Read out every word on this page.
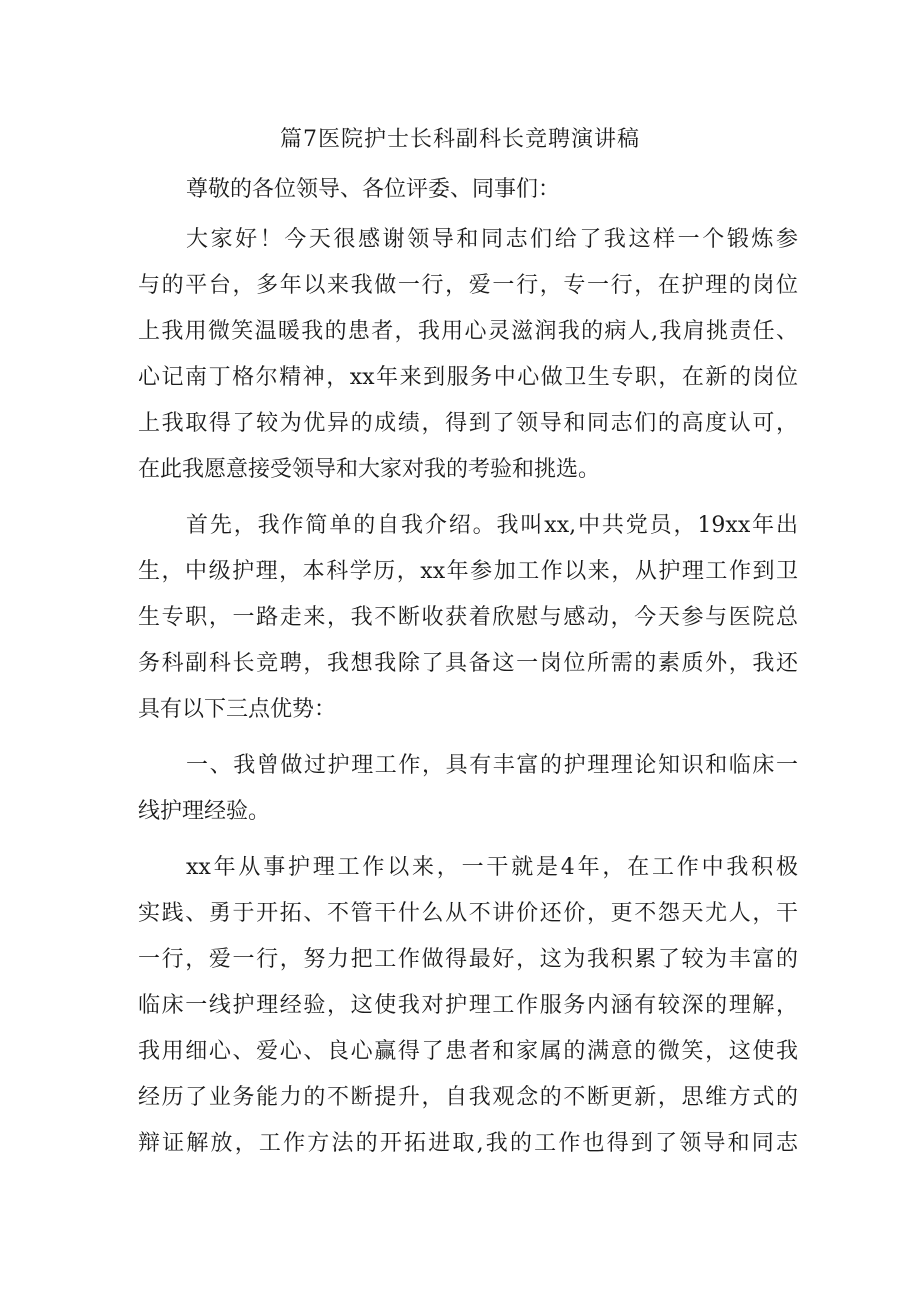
篇7医院护士长科副科长竞聘演讲稿
尊敬的各位领导、各位评委、同事们：
大家好！今天很感谢领导和同志们给了我这样一个锻炼参
与的平台，多年以来我做一行，爱一行，专一行，在护理的岗位
上我用微笑温暖我的患者，我用心灵滋润我的病人,我肩挑责任、
心记南丁格尔精神，xx年来到服务中心做卫生专职，在新的岗位
上我取得了较为优异的成绩，得到了领导和同志们的高度认可，
在此我愿意接受领导和大家对我的考验和挑选。
首先，我作简单的自我介绍。我叫xx,中共党员，19xx年出
生，中级护理，本科学历，xx年参加工作以来，从护理工作到卫
生专职，一路走来，我不断收获着欣慰与感动，今天参与医院总
务科副科长竞聘，我想我除了具备这一岗位所需的素质外，我还
具有以下三点优势：
一、我曾做过护理工作，具有丰富的护理理论知识和临床一
线护理经验。
xx年从事护理工作以来，一干就是4年，在工作中我积极
实践、勇于开拓、不管干什么从不讲价还价，更不怨天尤人，干
一行，爱一行，努力把工作做得最好，这为我积累了较为丰富的
临床一线护理经验，这使我对护理工作服务内涵有较深的理解，
我用细心、爱心、良心赢得了患者和家属的满意的微笑，这使我
经历了业务能力的不断提升，自我观念的不断更新，思维方式的
辩证解放，工作方法的开拓进取,我的工作也得到了领导和同志
